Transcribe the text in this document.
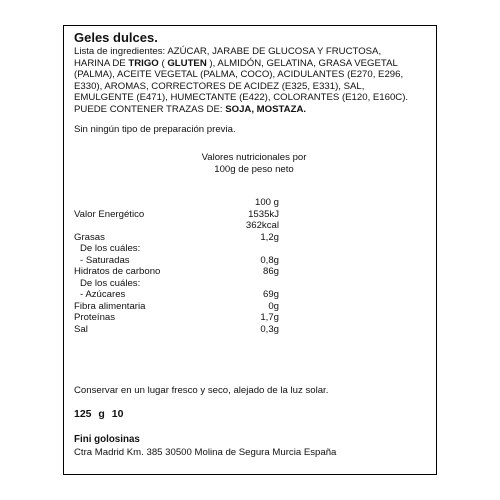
Geles dulces.
Lista de ingredientes: AZÚCAR, JARABE DE GLUCOSA Y FRUCTOSA,
HARINA DE TRIGO ( GLUTEN ), ALMIDÓN, GELATINA, GRASA VEGETAL
(PALMA), ACEITE VEGETAL (PALMA, COCO), ACIDULANTES (E270, E296,
E330), AROMAS, CORRECTORES DE ACIDEZ (E325, E331), SAL,
EMULGENTE (E471), HUMECTANTE (E422), COLORANTES (E120, E160C).
PUEDE CONTENER TRAZAS DE: SOJA, MOSTAZA.
Sin ningún tipo de preparación previa.
Valores nutricionales por
100g de peso neto
100 g
Valor Energético	1535kJ
362kcal
Grasas	1,2g
De los cuáles:
- Saturadas	0,8g
Hidratos de carbono	86g
De los cuáles:
- Azúcares	69g
Fibra alimentaria	0g
Proteínas	1,7g
Sal	0,3g
Conservar en un lugar fresco y seco, alejado de la luz solar.
125 g 10
Fini golosinas
Ctra Madrid Km. 385 30500 Molina de Segura Murcia España
